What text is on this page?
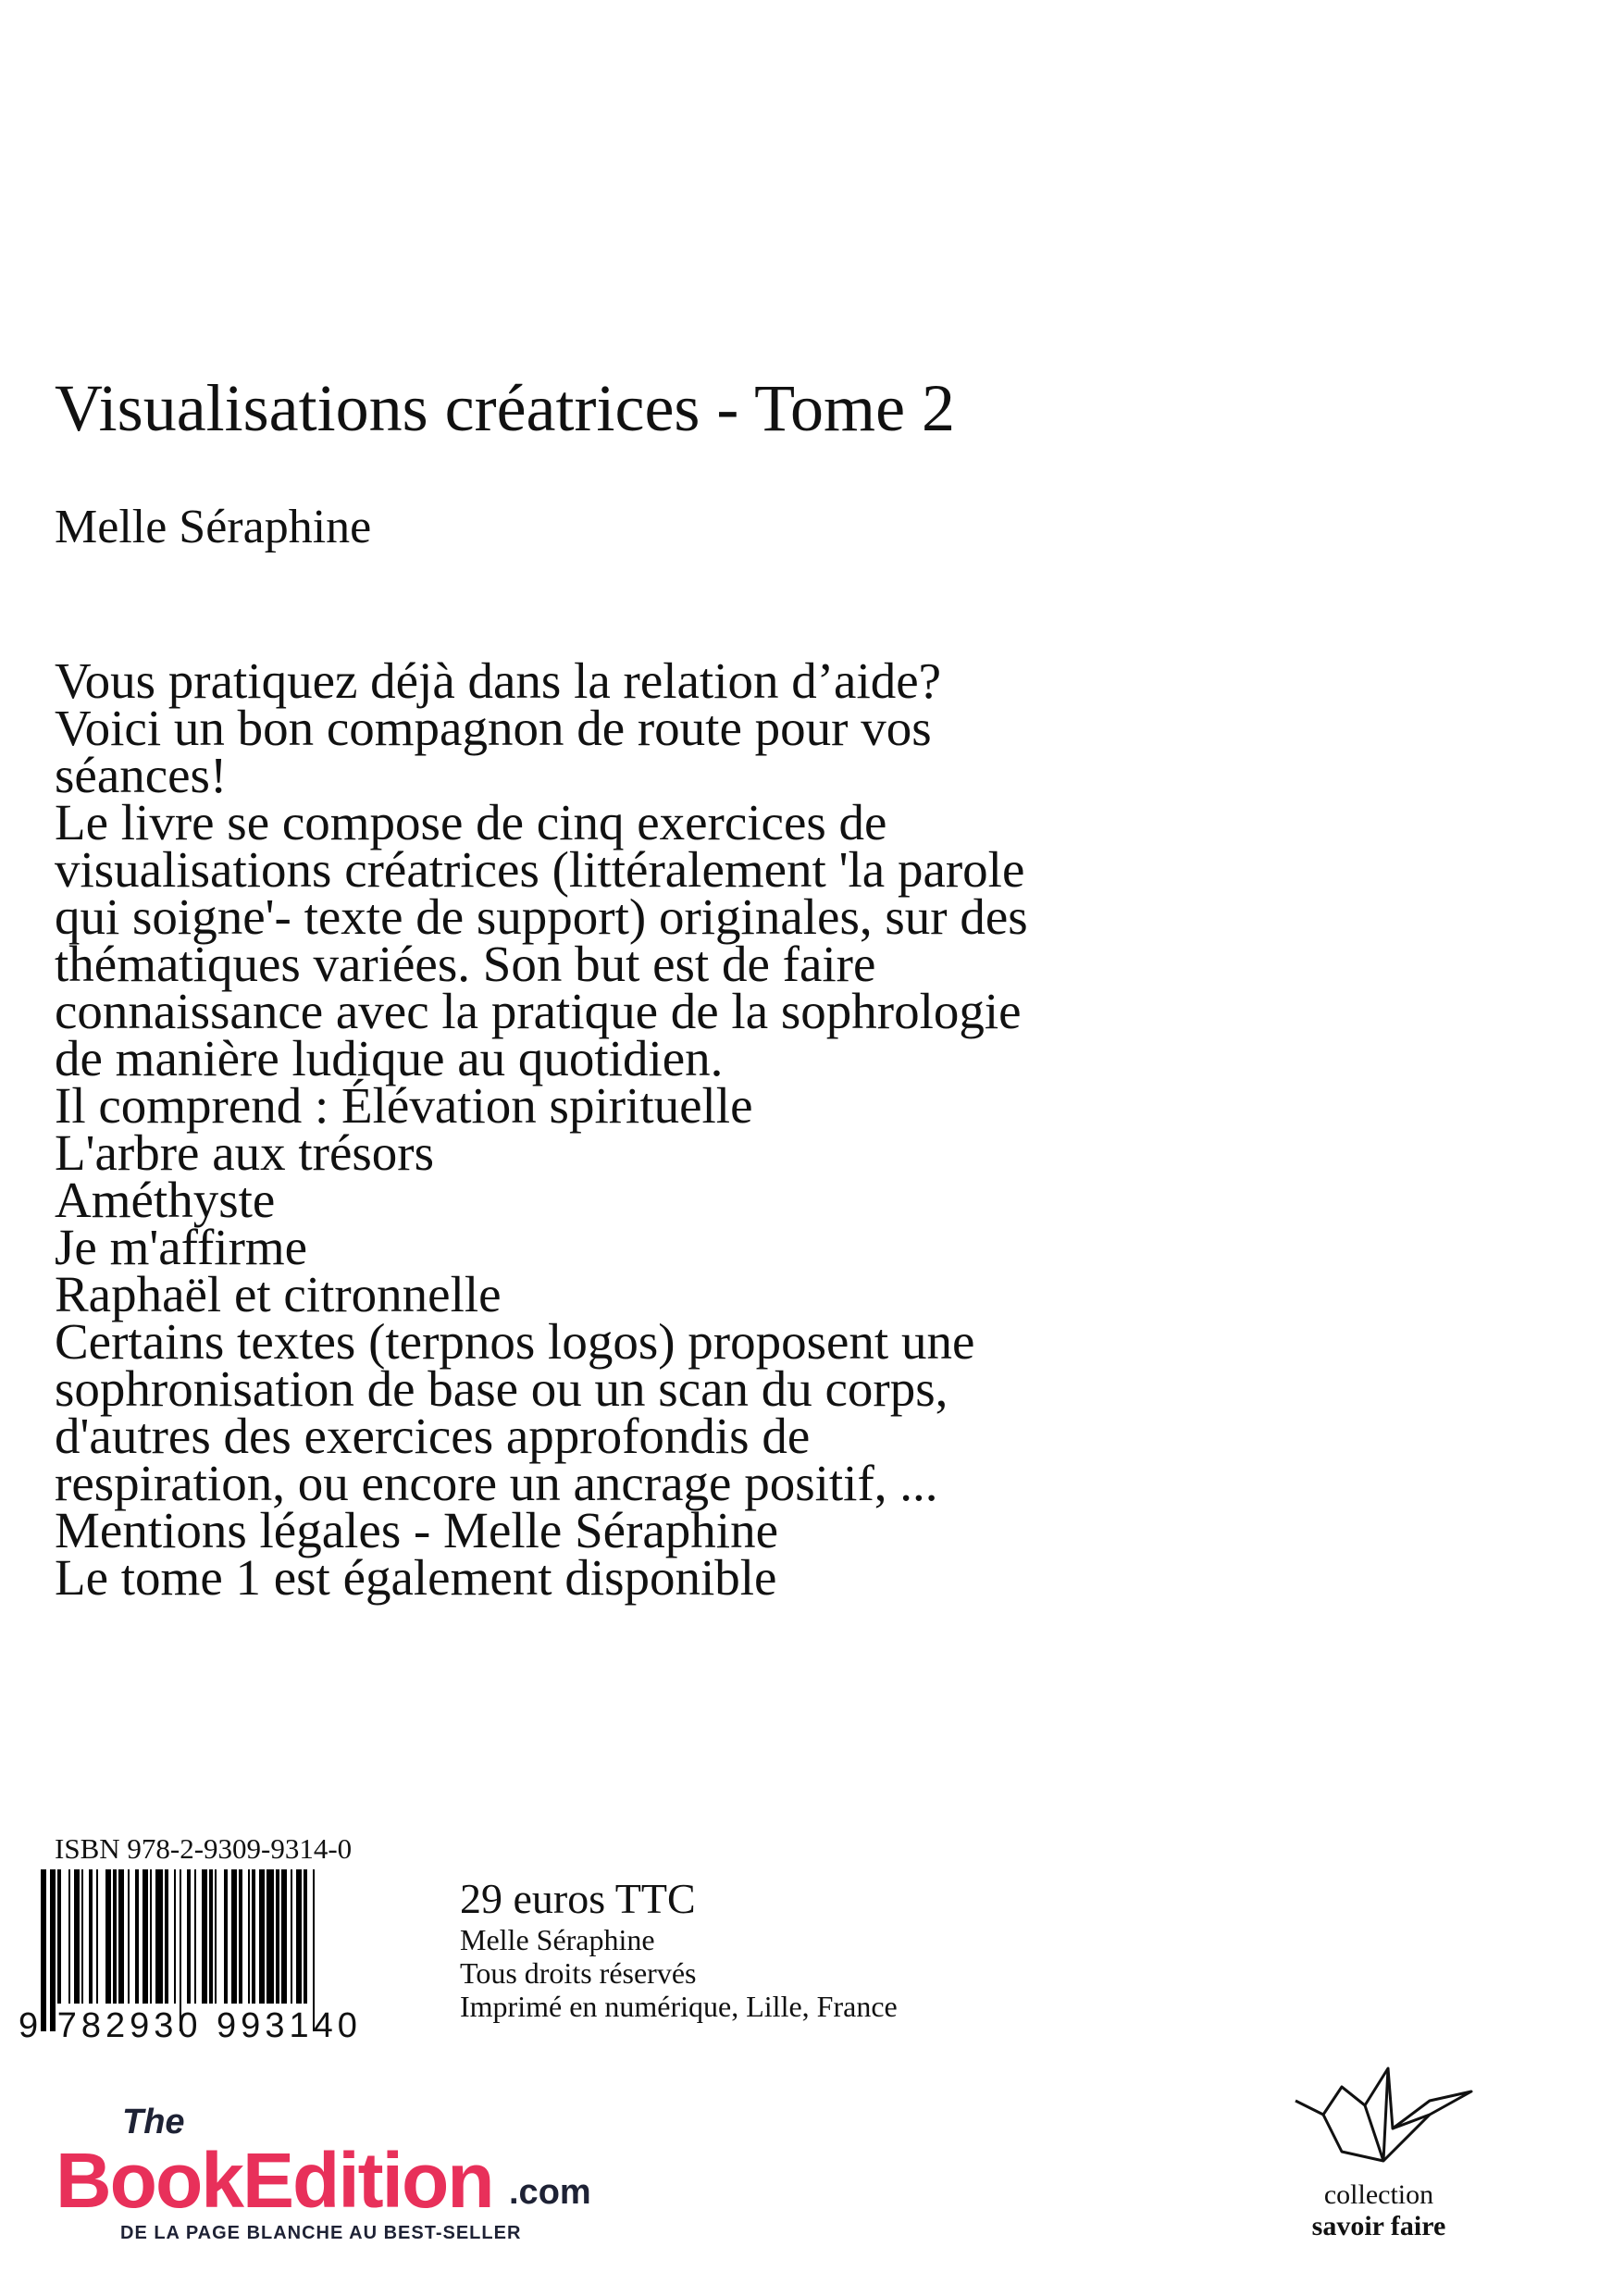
Visualisations créatrices - Tome 2
Melle Séraphine
Vous pratiquez déjà dans la relation d’aide?
Voici un bon compagnon de route pour vos
séances!
Le livre se compose de cinq exercices de
visualisations créatrices (littéralement 'la parole
qui soigne'- texte de support) originales, sur des
thématiques variées. Son but est de faire
connaissance avec la pratique de la sophrologie
de manière ludique au quotidien.
Il comprend : Élévation spirituelle
L'arbre aux trésors
Améthyste
Je m'affirme
Raphaël et citronnelle
Certains textes (terpnos logos) proposent une
sophronisation de base ou un scan du corps,
d'autres des exercices approfondis de
respiration, ou encore un ancrage positif, ...
Mentions légales - Melle Séraphine
Le tome 1 est également disponible
ISBN 978-2-9309-9314-0
9 782930 993140
29 euros TTC
Melle Séraphine
Tous droits réservés
Imprimé en numérique, Lille, France
The
BookEdition .com
DE LA PAGE BLANCHE AU BEST-SELLER
collection
savoir faire
